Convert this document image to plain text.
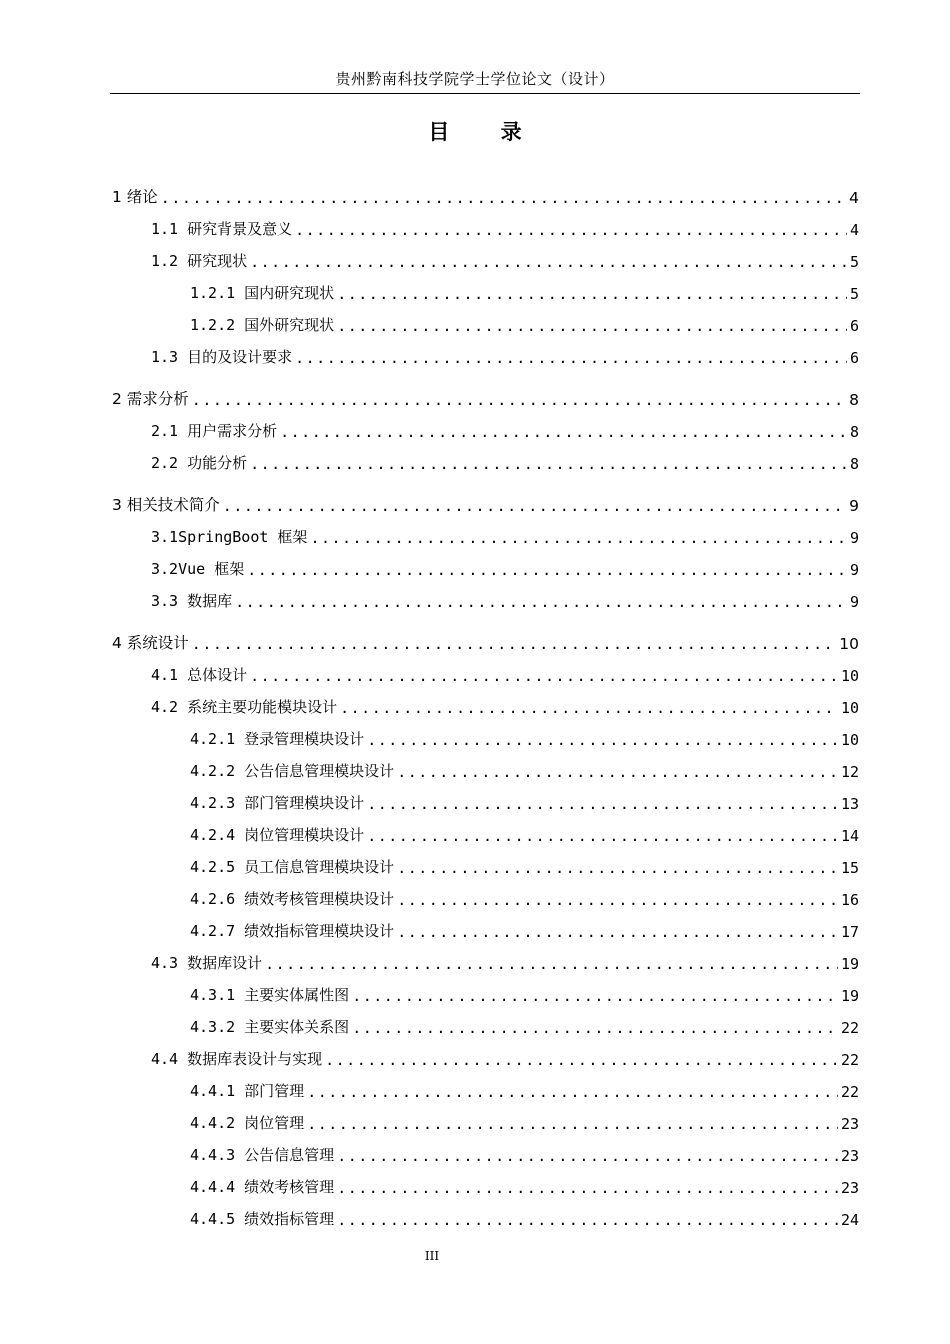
贵州黔南科技学院学士学位论文（设计）
目 录
1 绪论 .....	4
1.1 研究背景及意义 .....	4
1.2 研究现状 .....	5
1.2.1 国内研究现状 .....	5
1.2.2 国外研究现状 .....	6
1.3 目的及设计要求 .....	6
2 需求分析 .....	8
2.1 用户需求分析 .....	8
2.2 功能分析 .....	8
3 相关技术简介 .....	9
3.1SpringBoot 框架 .....	9
3.2Vue 框架 .....	9
3.3 数据库 .....	9
4 系统设计 .....	10
4.1 总体设计 .....	10
4.2 系统主要功能模块设计 .....	10
4.2.1 登录管理模块设计 .....	10
4.2.2 公告信息管理模块设计 .....	12
4.2.3 部门管理模块设计 .....	13
4.2.4 岗位管理模块设计 .....	14
4.2.5 员工信息管理模块设计 .....	15
4.2.6 绩效考核管理模块设计 .....	16
4.2.7 绩效指标管理模块设计 .....	17
4.3 数据库设计 .....	19
4.3.1 主要实体属性图 .....	19
4.3.2 主要实体关系图 .....	22
4.4 数据库表设计与实现 .....	22
4.4.1 部门管理 .....	22
4.4.2 岗位管理 .....	23
4.4.3 公告信息管理 .....	23
4.4.4 绩效考核管理 .....	23
4.4.5 绩效指标管理 .....	24
III
